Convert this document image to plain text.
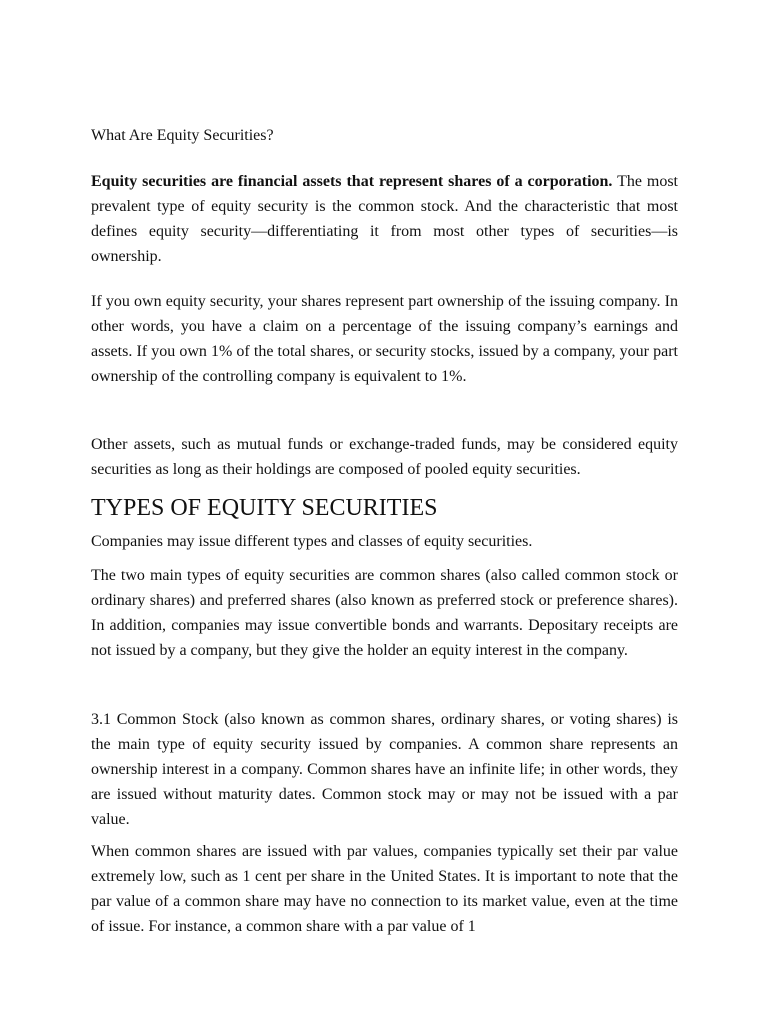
What Are Equity Securities?

Equity securities are financial assets that represent shares of a corporation. The most prevalent type of equity security is the common stock. And the characteristic that most defines equity security—differentiating it from most other types of securities—is ownership.

If you own equity security, your shares represent part ownership of the issuing company. In other words, you have a claim on a percentage of the issuing company’s earnings and assets. If you own 1% of the total shares, or security stocks, issued by a company, your part ownership of the controlling company is equivalent to 1%.

Other assets, such as mutual funds or exchange-traded funds, may be considered equity securities as long as their holdings are composed of pooled equity securities.

TYPES OF EQUITY SECURITIES

Companies may issue different types and classes of equity securities.

The two main types of equity securities are common shares (also called common stock or ordinary shares) and preferred shares (also known as preferred stock or preference shares). In addition, companies may issue convertible bonds and warrants. Depositary receipts are not issued by a company, but they give the holder an equity interest in the company.

3.1 Common Stock (also known as common shares, ordinary shares, or voting shares) is the main type of equity security issued by companies. A common share represents an ownership interest in a company. Common shares have an infinite life; in other words, they are issued without maturity dates. Common stock may or may not be issued with a par value.

When common shares are issued with par values, companies typically set their par value extremely low, such as 1 cent per share in the United States. It is important to note that the par value of a common share may have no connection to its market value, even at the time of issue. For instance, a common share with a par value of 1
